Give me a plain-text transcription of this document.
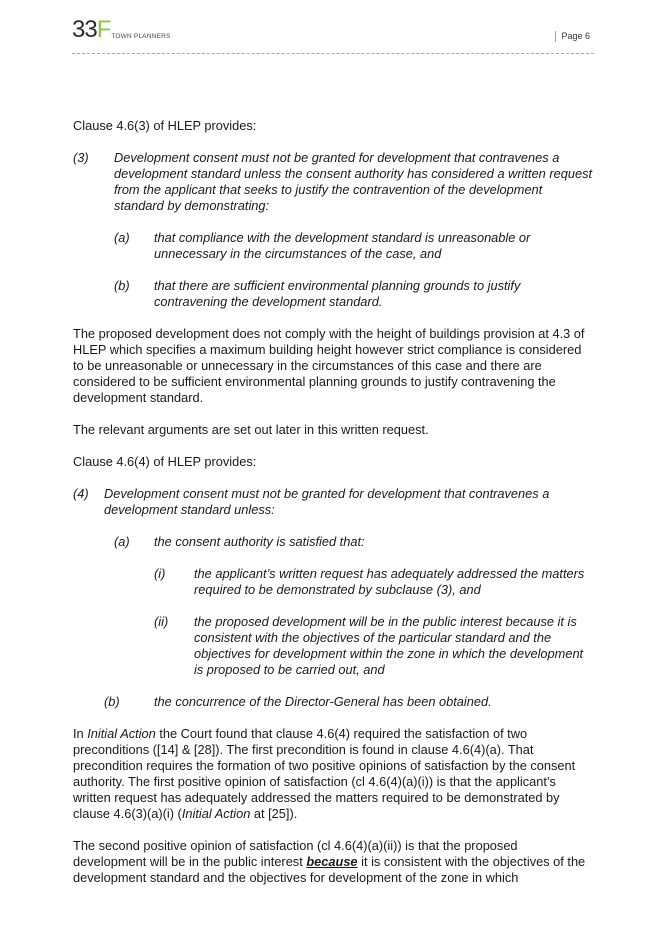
33F TOWN PLANNERS	Page 6

Clause 4.6(3) of HLEP provides:

(3)	Development consent must not be granted for development that contravenes a development standard unless the consent authority has considered a written request from the applicant that seeks to justify the contravention of the development standard by demonstrating:
(a)	that compliance with the development standard is unreasonable or unnecessary in the circumstances of the case, and
(b)	that there are sufficient environmental planning grounds to justify contravening the development standard.

The proposed development does not comply with the height of buildings provision at 4.3 of HLEP which specifies a maximum building height however strict compliance is considered to be unreasonable or unnecessary in the circumstances of this case and there are considered to be sufficient environmental planning grounds to justify contravening the development standard.

The relevant arguments are set out later in this written request.

Clause 4.6(4) of HLEP provides:

(4)	Development consent must not be granted for development that contravenes a development standard unless:
(a)	the consent authority is satisfied that:
(i)	the applicant’s written request has adequately addressed the matters required to be demonstrated by subclause (3), and
(ii)	the proposed development will be in the public interest because it is consistent with the objectives of the particular standard and the objectives for development within the zone in which the development is proposed to be carried out, and
(b)	the concurrence of the Director-General has been obtained.

In Initial Action the Court found that clause 4.6(4) required the satisfaction of two preconditions ([14] & [28]). The first precondition is found in clause 4.6(4)(a). That precondition requires the formation of two positive opinions of satisfaction by the consent authority. The first positive opinion of satisfaction (cl 4.6(4)(a)(i)) is that the applicant’s written request has adequately addressed the matters required to be demonstrated by clause 4.6(3)(a)(i) (Initial Action at [25]).

The second positive opinion of satisfaction (cl 4.6(4)(a)(ii)) is that the proposed development will be in the public interest because it is consistent with the objectives of the development standard and the objectives for development of the zone in which
